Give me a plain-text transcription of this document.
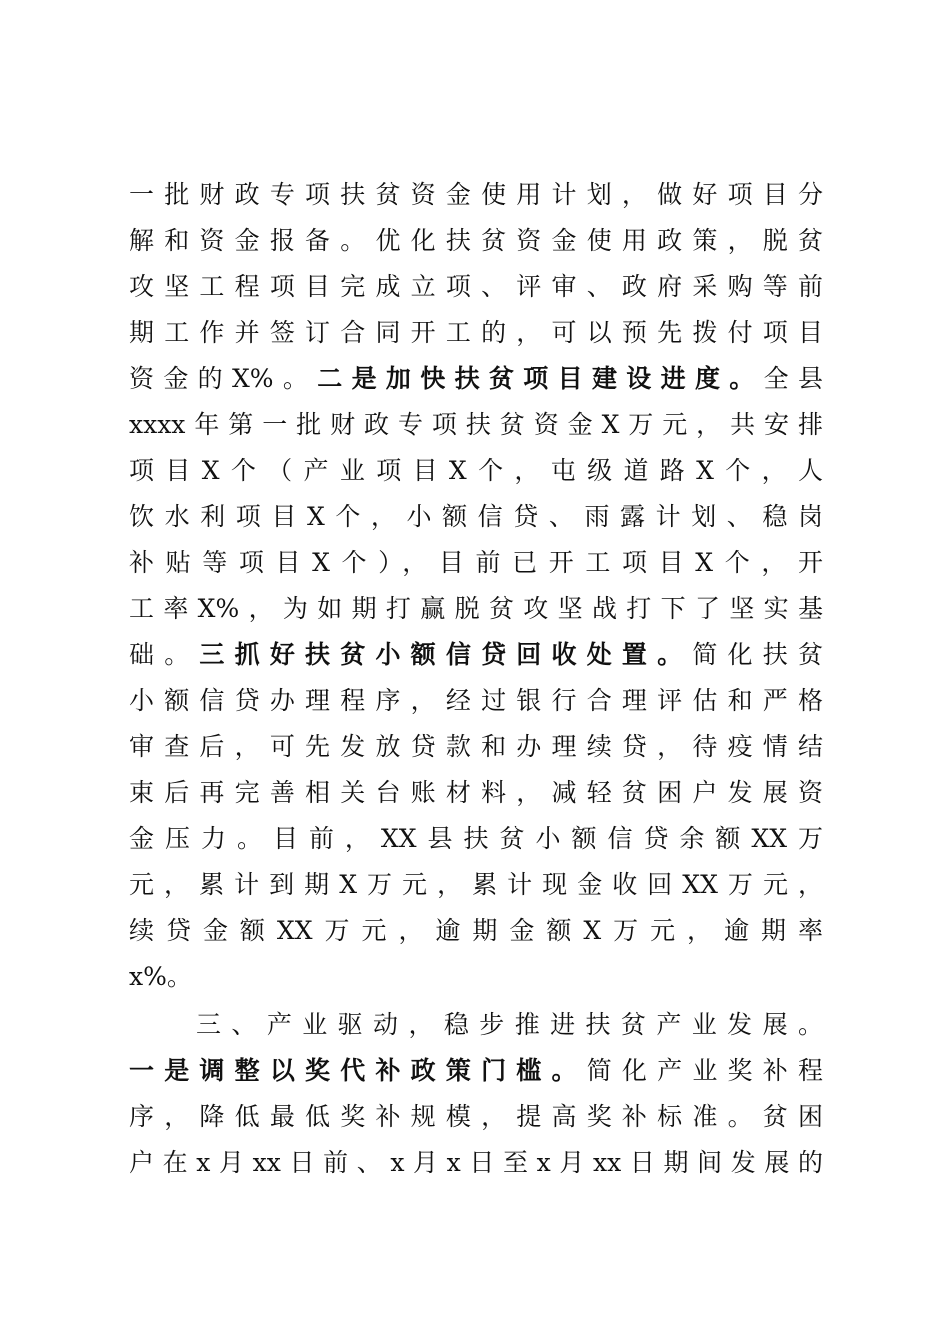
一批财政专项扶贫资金使用计划，做好项目分
解和资金报备。优化扶贫资金使用政策，脱贫
攻坚工程项目完成立项、评审、政府采购等前
期工作并签订合同开工的，可以预先拨付项目
资金的X%。二是加快扶贫项目建设进度。全县
xxxx年第一批财政专项扶贫资金X万元，共安排
项目X个（产业项目X个，屯级道路X个，人
饮水利项目X个，小额信贷、雨露计划、稳岗
补贴等项目X个），目前已开工项目X个，开
工率X%，为如期打赢脱贫攻坚战打下了坚实基
础。三抓好扶贫小额信贷回收处置。简化扶贫
小额信贷办理程序，经过银行合理评估和严格
审查后，可先发放贷款和办理续贷，待疫情结
束后再完善相关台账材料，减轻贫困户发展资
金压力。目前，XX县扶贫小额信贷余额XX万
元，累计到期X万元，累计现金收回XX万元，
续贷金额XX万元，逾期金额X万元，逾期率
x%。
三、产业驱动，稳步推进扶贫产业发展。
一是调整以奖代补政策门槛。简化产业奖补程
序，降低最低奖补规模，提高奖补标准。贫困
户在x月xx日前、x月x日至x月xx日期间发展的
